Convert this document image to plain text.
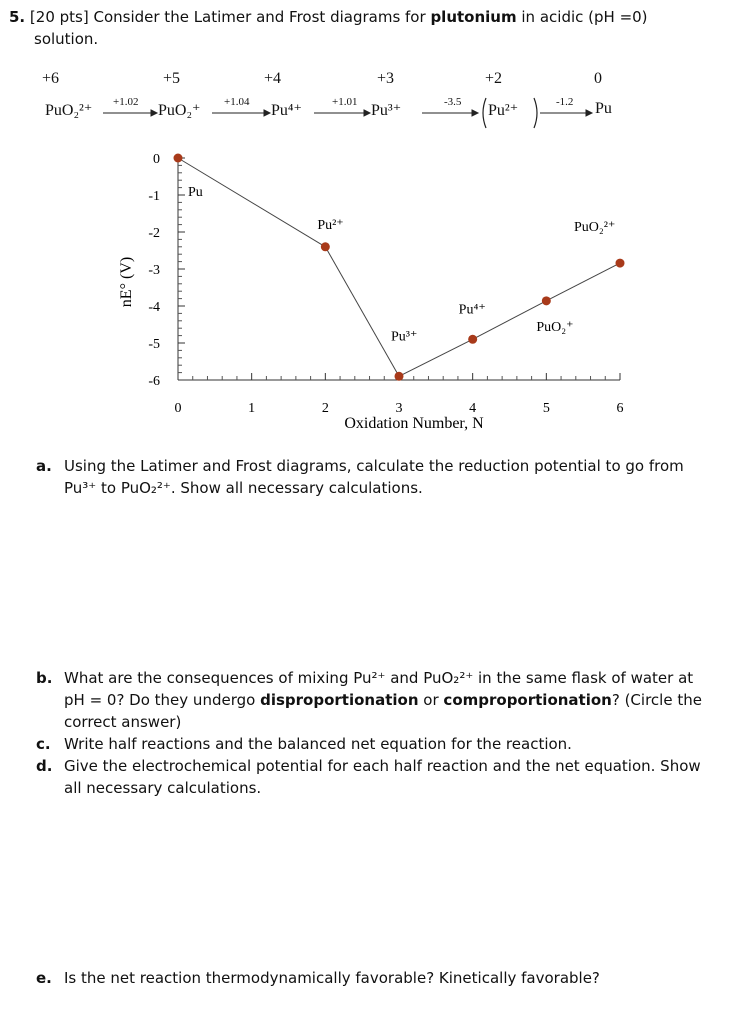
5. [20 pts] Consider the Latimer and Frost diagrams for plutonium in acidic (pH =0)
solution.
+6	+5	+4	+3	+2	0
PuO₂²⁺	PuO₂⁺	Pu⁴⁺	Pu³⁺	Pu²⁺	Pu
+1.02	+1.04	+1.01	-3.5	-1.2
0	1	2	3	4	5	6
0
-1
-2
-3
-4
-5
-6
Pu
Pu²⁺
Pu³⁺
Pu⁴⁺
PuO₂⁺
PuO₂²⁺
Oxidation Number, N
nE° (V)
a. Using the Latimer and Frost diagrams, calculate the reduction potential to go from
Pu³⁺ to PuO₂²⁺. Show all necessary calculations.
b. What are the consequences of mixing Pu²⁺ and PuO₂²⁺ in the same flask of water at
pH = 0? Do they undergo disproportionation or comproportionation? (Circle the
correct answer)
c. Write half reactions and the balanced net equation for the reaction.
d. Give the electrochemical potential for each half reaction and the net equation. Show
all necessary calculations.
e. Is the net reaction thermodynamically favorable? Kinetically favorable?
